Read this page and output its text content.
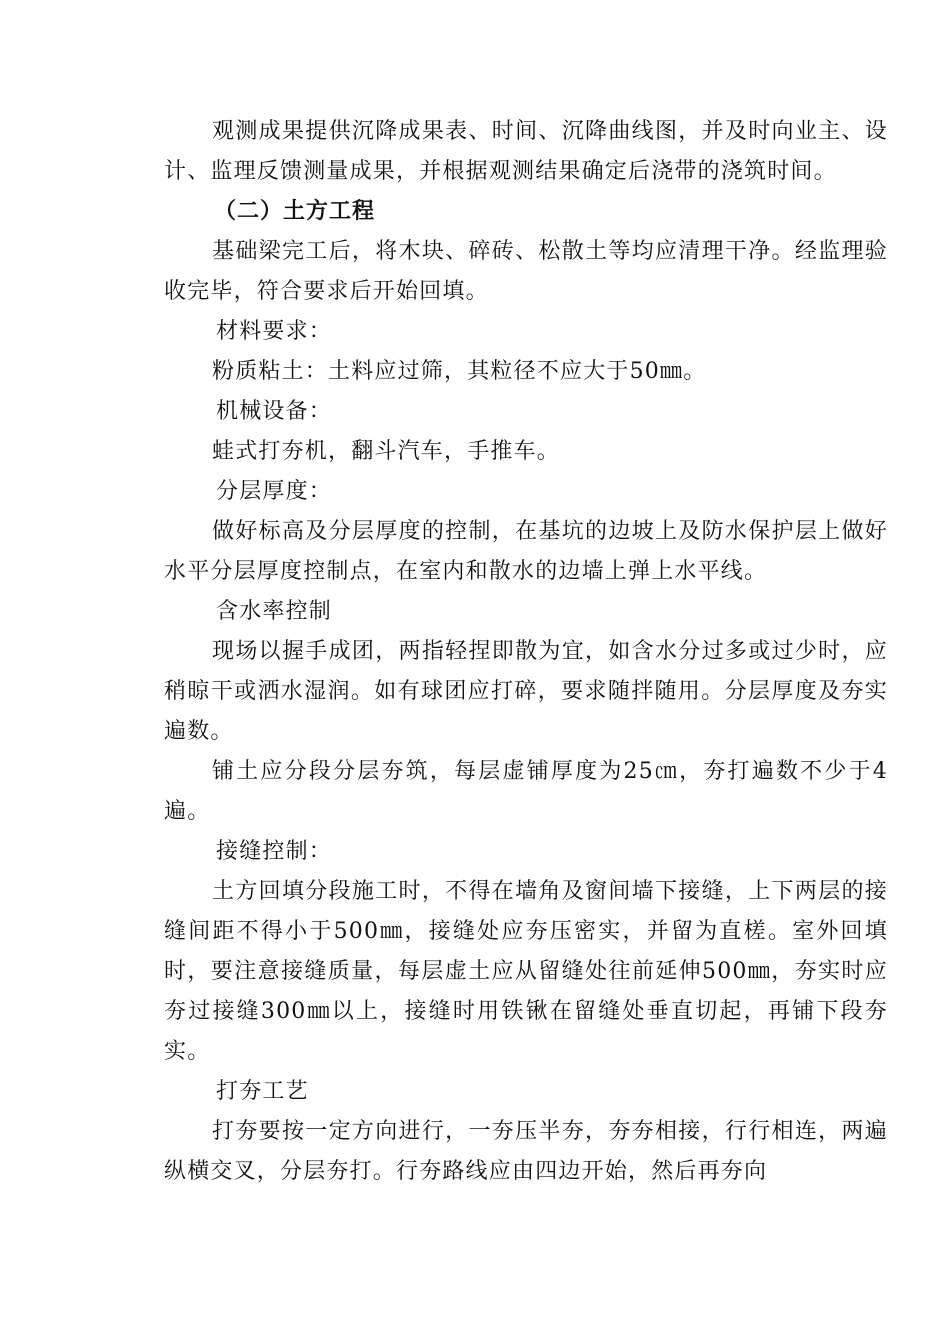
观测成果提供沉降成果表、时间、沉降曲线图，并及时向业主、设计、监理反馈测量成果，并根据观测结果确定后浇带的浇筑时间。

（二）土方工程

基础梁完工后，将木块、碎砖、松散土等均应清理干净。经监理验收完毕，符合要求后开始回填。

材料要求：

粉质粘土：土料应过筛，其粒径不应大于50㎜。

机械设备：

蛙式打夯机，翻斗汽车，手推车。

分层厚度：

做好标高及分层厚度的控制，在基坑的边坡上及防水保护层上做好水平分层厚度控制点，在室内和散水的边墙上弹上水平线。

含水率控制

现场以握手成团，两指轻捏即散为宜，如含水分过多或过少时，应稍晾干或洒水湿润。如有球团应打碎，要求随拌随用。分层厚度及夯实遍数。

铺土应分段分层夯筑，每层虚铺厚度为25㎝，夯打遍数不少于4遍。

接缝控制：

土方回填分段施工时，不得在墙角及窗间墙下接缝，上下两层的接缝间距不得小于500㎜，接缝处应夯压密实，并留为直槎。室外回填时，要注意接缝质量，每层虚土应从留缝处往前延伸500㎜，夯实时应夯过接缝300㎜以上，接缝时用铁锹在留缝处垂直切起，再铺下段夯实。

打夯工艺

打夯要按一定方向进行，一夯压半夯，夯夯相接，行行相连，两遍纵横交叉，分层夯打。行夯路线应由四边开始，然后再夯向
